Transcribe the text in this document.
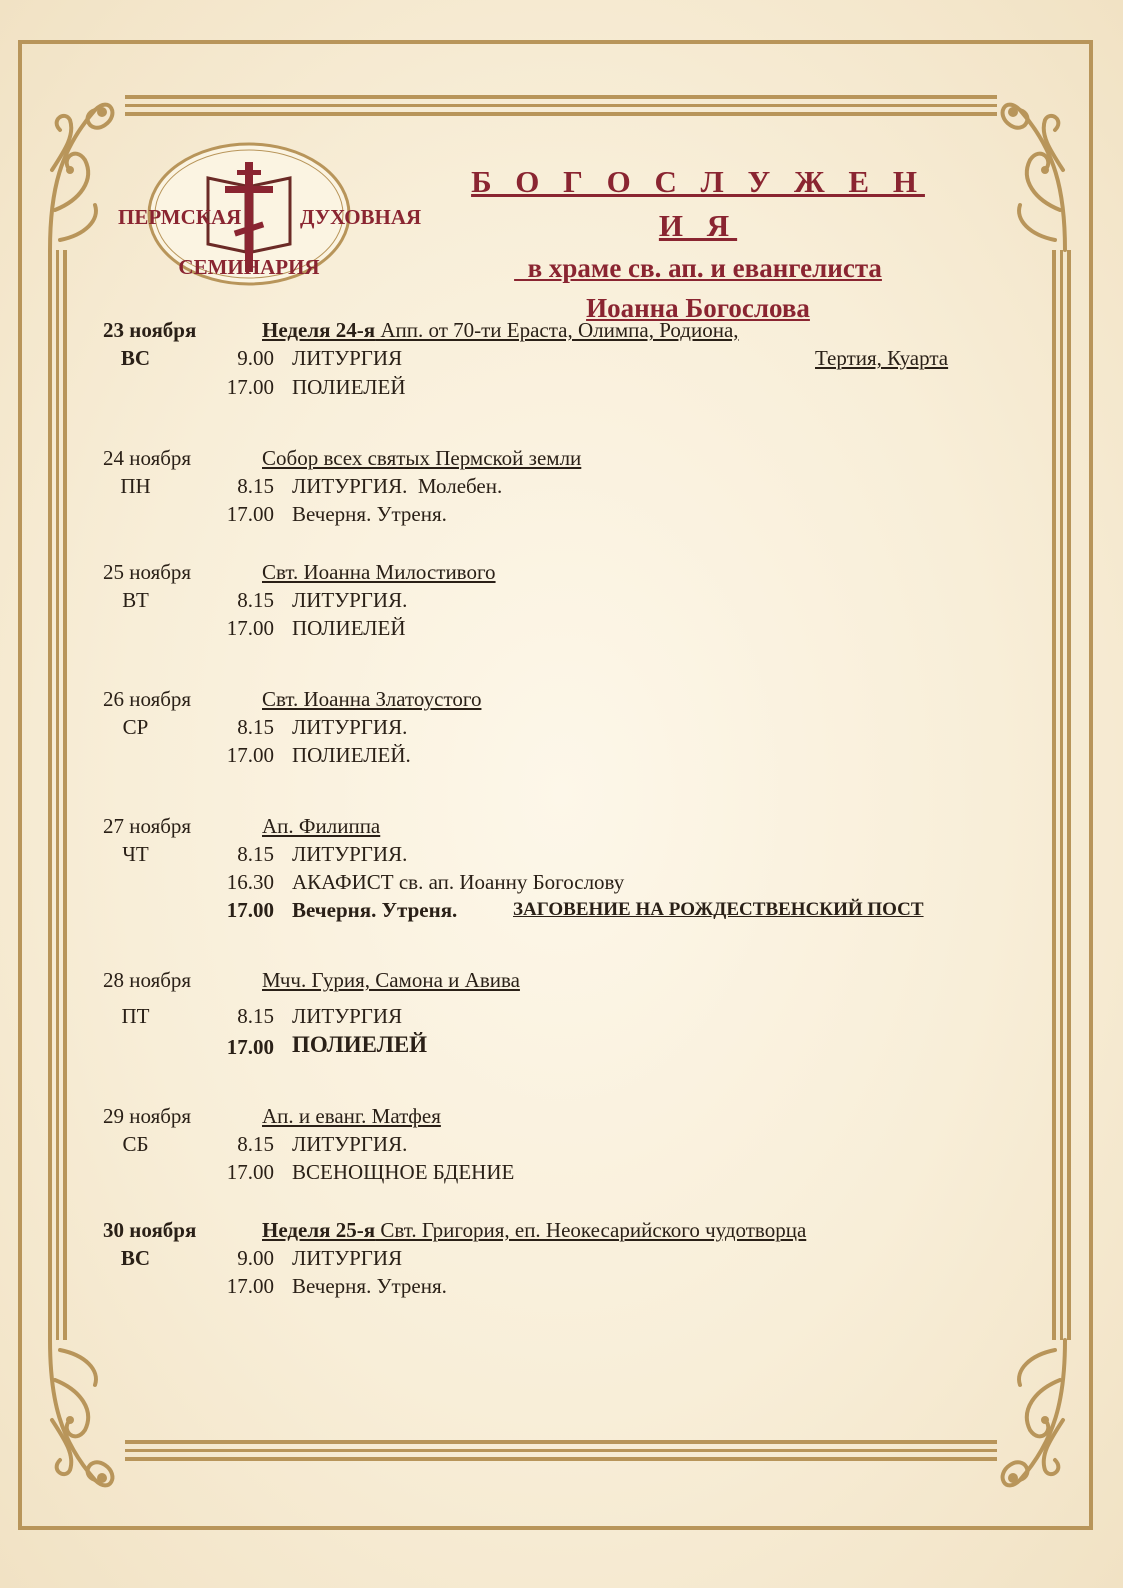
ПЕРМСКАЯ	ДУХОВНАЯ
СЕМИНАРИЯ
Б О Г О С Л У Ж Е Н И Я
в храме св. ап. и евангелиста
Иоанна Богослова
23 ноября	Неделя 24-я Апп. от 70-ти Ераста, Олимпа, Родиона,
ВС	9.00 ЛИТУРГИЯ	Тертия, Куарта
17.00 ПОЛИЕЛЕЙ
24 ноября	Собор всех святых Пермской земли
ПН	8.15 ЛИТУРГИЯ.  Молебен.
17.00 Вечерня. Утреня.
25 ноября	Свт. Иоанна Милостивого
ВТ	8.15 ЛИТУРГИЯ.
17.00 ПОЛИЕЛЕЙ
26 ноября	Свт. Иоанна Златоустого
СР	8.15 ЛИТУРГИЯ.
17.00 ПОЛИЕЛЕЙ.
27 ноября	Ап. Филиппа
ЧТ	8.15 ЛИТУРГИЯ.
16.30 АКАФИСТ св. ап. Иоанну Богослову
17.00 Вечерня. Утреня.	ЗАГОВЕНИЕ НА РОЖДЕСТВЕНСКИЙ ПОСТ
28 ноября	Мчч. Гурия, Самона и Авива
ПТ	8.15 ЛИТУРГИЯ
17.00 ПОЛИЕЛЕЙ
29 ноября	Ап. и еванг. Матфея
СБ	8.15 ЛИТУРГИЯ.
17.00 ВСЕНОЩНОЕ БДЕНИЕ
30 ноября	Неделя 25-я Свт. Григория, еп. Неокесарийского чудотворца
ВС	9.00 ЛИТУРГИЯ
17.00 Вечерня. Утреня.
